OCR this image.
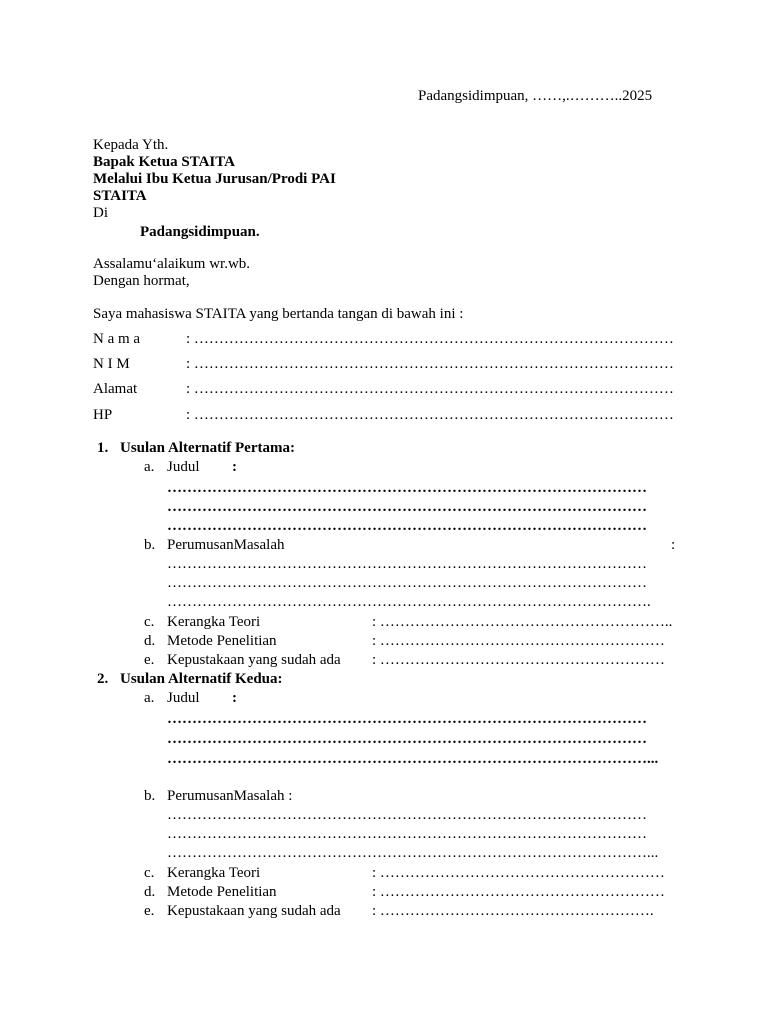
Padangsidimpuan, ……,.………..2025
Kepada Yth.
Bapak Ketua STAITA
Melalui Ibu Ketua Jurusan/Prodi PAI
STAITA
Di
Padangsidimpuan.
Assalamu‘alaikum wr.wb.
Dengan hormat,
Saya mahasiswa STAITA yang bertanda tangan di bawah ini :
N a m a	: ……………………………………………………………………………………
N I M	: ……………………………………………………………………………………
Alamat	: ……………………………………………………………………………………
HP	: ……………………………………………………………………………………
1. Usulan Alternatif Pertama:
a. Judul :
……………………………………………………………………………………
……………………………………………………………………………………
……………………………………………………………………………………
b. PerumusanMasalah	:
……………………………………………………………………………………
……………………………………………………………………………………
…………………………………………………………………………………….
c. Kerangka Teori	: …………………………………………………..
d. Metode Penelitian	: …………………………………………………
e. Kepustakaan yang sudah ada : …………………………………………………
2. Usulan Alternatif Kedua:
a. Judul :
……………………………………………………………………………………
……………………………………………………………………………………
……………………………………………………………………………………...
b. PerumusanMasalah :
……………………………………………………………………………………
……………………………………………………………………………………
……………………………………………………………………………………...
c. Kerangka Teori	: …………………………………………………
d. Metode Penelitian	: …………………………………………………
e. Kepustakaan yang sudah ada : ……………………………………………….
